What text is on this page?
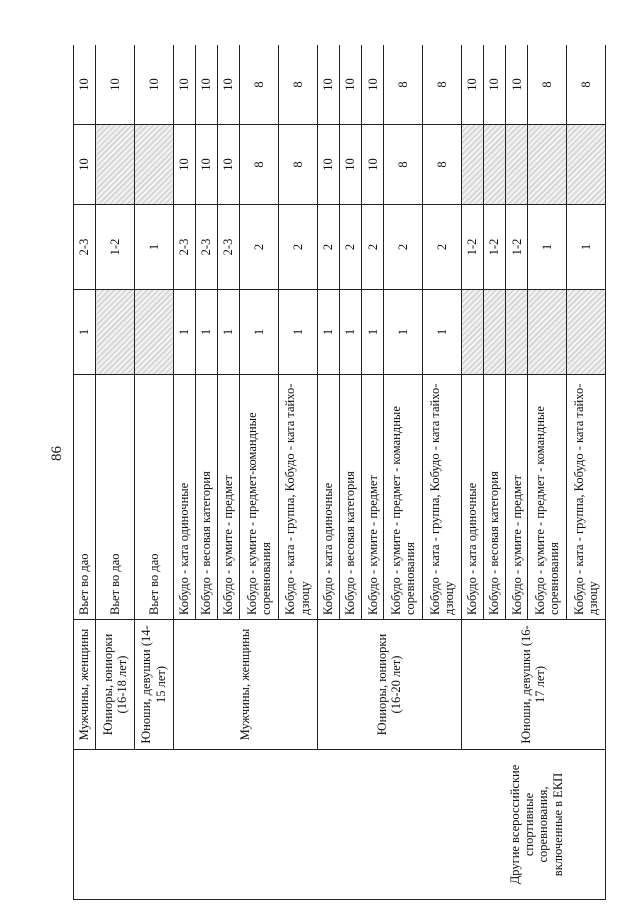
86
Другие всероссийские спортивные соревнования, включенные в ЕКП	Мужчины, женщины	Вьет во дао	1	2-3	10	10
	Юниоры, юниорки (16-18 лет)	Вьет во дао		1-2		10
	Юноши, девушки (14-15 лет)	Вьет во дао		1		10
	Мужчины, женщины	Кобудо - ката одиночные	1	2-3	10	10
		Кобудо - весовая категория	1	2-3	10	10
		Кобудо - кумите - предмет	1	2-3	10	10
		Кобудо - кумите - предмет-командные соревнования	1	2	8	8
		Кобудо - ката - группа, Кобудо - ката тайхо-дзюцу	1	2	8	8
	Юниоры, юниорки (16-20 лет)	Кобудо - ката одиночные	1	2	10	10
		Кобудо - весовая категория	1	2	10	10
		Кобудо - кумите - предмет	1	2	10	10
		Кобудо - кумите - предмет - командные соревнования	1	2	8	8
		Кобудо - ката - группа, Кобудо - ката тайхо-дзюцу	1	2	8	8
	Юноши, девушки (16-17 лет)	Кобудо - ката одиночные		1-2		10
		Кобудо - весовая категория		1-2		10
		Кобудо - кумите - предмет		1-2		10
		Кобудо - кумите - предмет - командные соревнования		1		8
		Кобудо - ката - группа, Кобудо - ката тайхо-дзюцу		1		8
